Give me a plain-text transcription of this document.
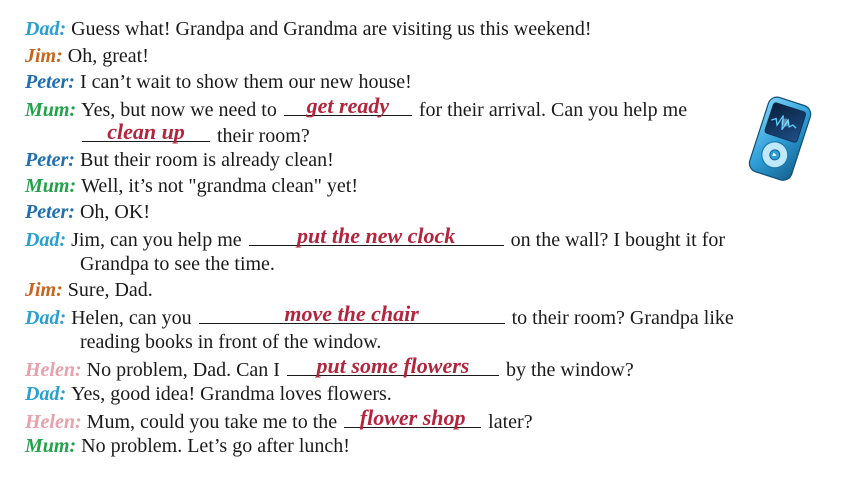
Dad: Guess what! Grandpa and Grandma are visiting us this weekend!
Jim: Oh, great!
Peter: I can’t wait to show them our new house!
Mum: Yes, but now we need to	get ready	for their arrival. Can you help me
clean up	their room?
Peter: But their room is already clean!
Mum: Well, it’s not "grandma clean" yet!
Peter: Oh, OK!
Dad: Jim, can you help me	put the new clock	on the wall? I bought it for
Grandpa to see the time.
Jim: Sure, Dad.
Dad: Helen, can you	move the chair	to their room? Grandpa like
reading books in front of the window.
Helen: No problem, Dad. Can I	put some flowers	by the window?
Dad: Yes, good idea! Grandma loves flowers.
Helen: Mum, could you take me to the	flower shop	later?
Mum: No problem. Let’s go after lunch!
